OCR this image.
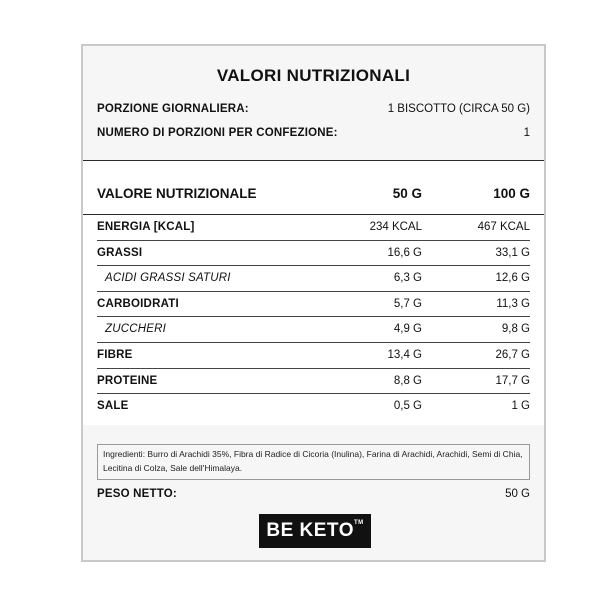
VALORI NUTRIZIONALI
PORZIONE GIORNALIERA:	1 BISCOTTO (CIRCA 50 G)
NUMERO DI PORZIONI PER CONFEZIONE:	1
VALORE NUTRIZIONALE	50 G	100 G
ENERGIA [KCAL]	234 KCAL	467 KCAL
GRASSI	16,6 G	33,1 G
ACIDI GRASSI SATURI	6,3 G	12,6 G
CARBOIDRATI	5,7 G	11,3 G
ZUCCHERI	4,9 G	9,8 G
FIBRE	13,4 G	26,7 G
PROTEINE	8,8 G	17,7 G
SALE	0,5 G	1 G
Ingredienti: Burro di Arachidi 35%, Fibra di Radice di Cicoria (Inulina), Farina di Arachidi, Arachidi, Semi di Chia, Lecitina di Colza, Sale dell'Himalaya.
PESO NETTO:	50 G
BE KETO™
